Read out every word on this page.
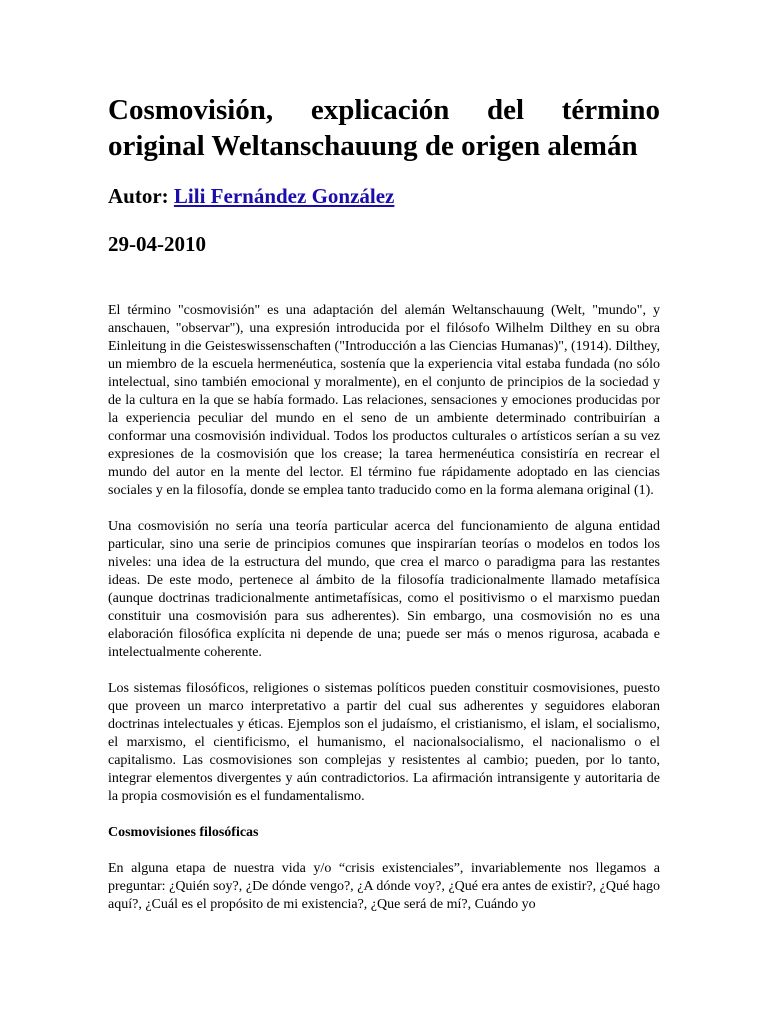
Cosmovisión, explicación del término original Weltanschauung de origen alemán

Autor: Lili Fernández González

29-04-2010

El término "cosmovisión" es una adaptación del alemán Weltanschauung (Welt, "mundo", y anschauen, "observar"), una expresión introducida por el filósofo Wilhelm Dilthey en su obra Einleitung in die Geisteswissenschaften ("Introducción a las Ciencias Humanas)", (1914). Dilthey, un miembro de la escuela hermenéutica, sostenía que la experiencia vital estaba fundada (no sólo intelectual, sino también emocional y moralmente), en el conjunto de principios de la sociedad y de la cultura en la que se había formado. Las relaciones, sensaciones y emociones producidas por la experiencia peculiar del mundo en el seno de un ambiente determinado contribuirían a conformar una cosmovisión individual. Todos los productos culturales o artísticos serían a su vez expresiones de la cosmovisión que los crease; la tarea hermenéutica consistiría en recrear el mundo del autor en la mente del lector. El término fue rápidamente adoptado en las ciencias sociales y en la filosofía, donde se emplea tanto traducido como en la forma alemana original (1).

Una cosmovisión no sería una teoría particular acerca del funcionamiento de alguna entidad particular, sino una serie de principios comunes que inspirarían teorías o modelos en todos los niveles: una idea de la estructura del mundo, que crea el marco o paradigma para las restantes ideas. De este modo, pertenece al ámbito de la filosofía tradicionalmente llamado metafísica (aunque doctrinas tradicionalmente antimetafísicas, como el positivismo o el marxismo puedan constituir una cosmovisión para sus adherentes). Sin embargo, una cosmovisión no es una elaboración filosófica explícita ni depende de una; puede ser más o menos rigurosa, acabada e intelectualmente coherente.

Los sistemas filosóficos, religiones o sistemas políticos pueden constituir cosmovisiones, puesto que proveen un marco interpretativo a partir del cual sus adherentes y seguidores elaboran doctrinas intelectuales y éticas. Ejemplos son el judaísmo, el cristianismo, el islam, el socialismo, el marxismo, el cientificismo, el humanismo, el nacionalsocialismo, el nacionalismo o el capitalismo. Las cosmovisiones son complejas y resistentes al cambio; pueden, por lo tanto, integrar elementos divergentes y aún contradictorios. La afirmación intransigente y autoritaria de la propia cosmovisión es el fundamentalismo.

Cosmovisiones filosóficas

En alguna etapa de nuestra vida y/o “crisis existenciales”, invariablemente nos llegamos a preguntar: ¿Quién soy?, ¿De dónde vengo?, ¿A dónde voy?, ¿Qué era antes de existir?, ¿Qué hago aquí?, ¿Cuál es el propósito de mi existencia?, ¿Que será de mí?, Cuándo yo
